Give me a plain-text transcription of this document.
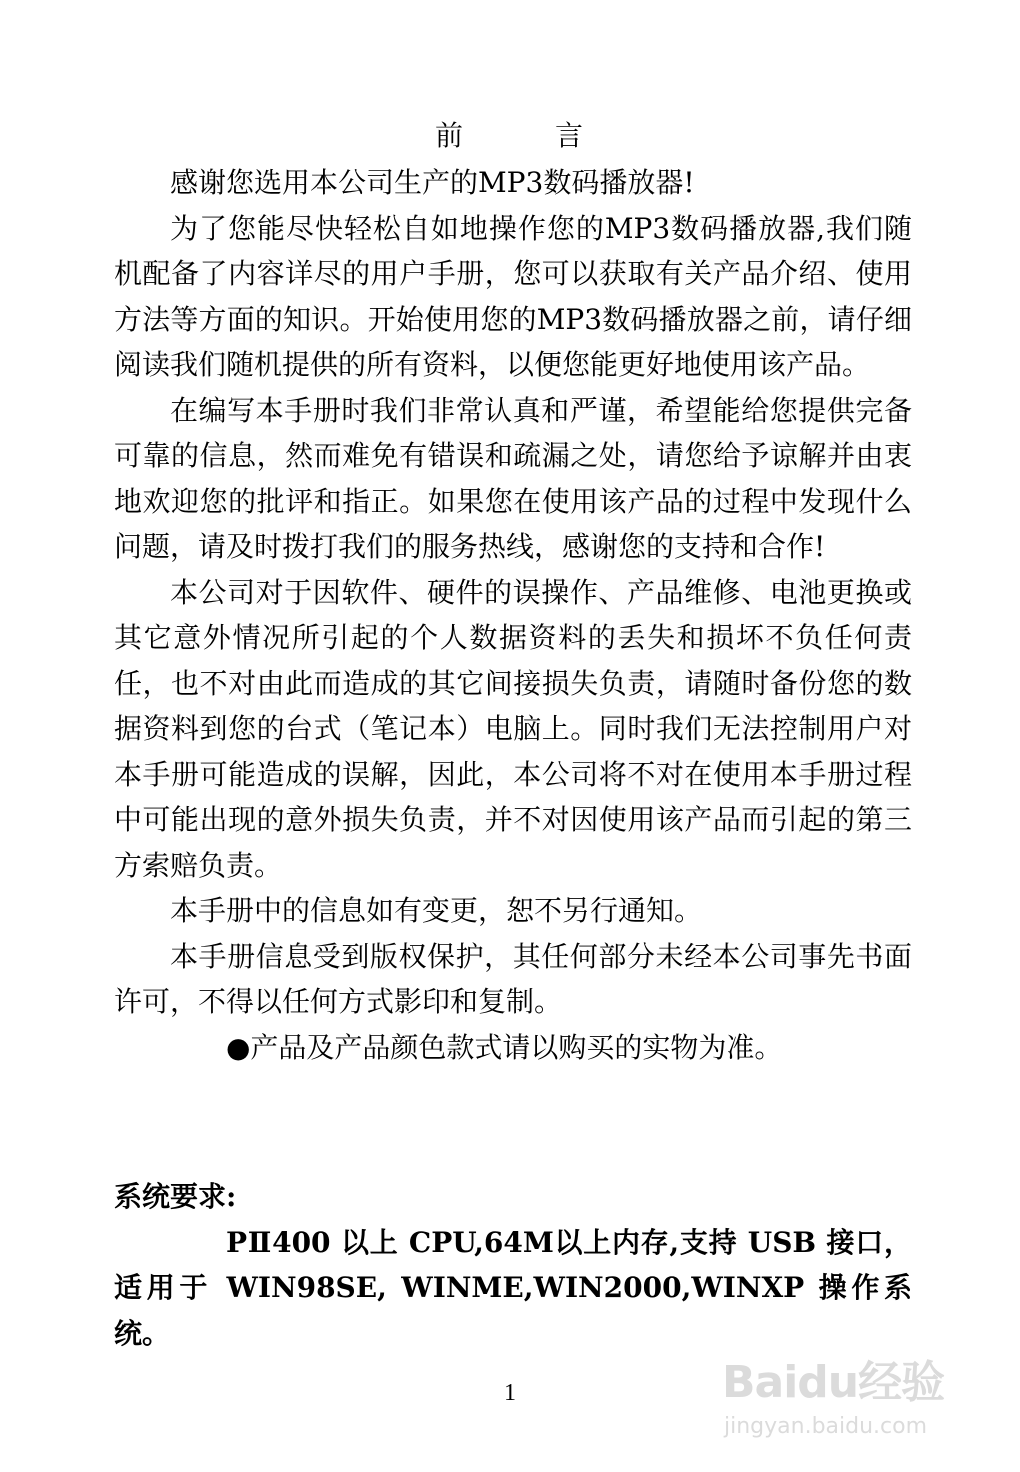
前	言

感谢您选用本公司生产的MP3数码播放器!

为了您能尽快轻松自如地操作您的MP3数码播放器,我们随机配备了内容详尽的用户手册，您可以获取有关产品介绍、使用方法等方面的知识。开始使用您的MP3数码播放器之前，请仔细阅读我们随机提供的所有资料，以便您能更好地使用该产品。

在编写本手册时我们非常认真和严谨，希望能给您提供完备可靠的信息，然而难免有错误和疏漏之处，请您给予谅解并由衷地欢迎您的批评和指正。如果您在使用该产品的过程中发现什么问题，请及时拨打我们的服务热线，感谢您的支持和合作!

本公司对于因软件、硬件的误操作、产品维修、电池更换或其它意外情况所引起的个人数据资料的丢失和损坏不负任何责任，也不对由此而造成的其它间接损失负责，请随时备份您的数据资料到您的台式（笔记本）电脑上。同时我们无法控制用户对本手册可能造成的误解，因此，本公司将不对在使用本手册过程中可能出现的意外损失负责，并不对因使用该产品而引起的第三方索赔负责。

本手册中的信息如有变更，恕不另行通知。

本手册信息受到版权保护，其任何部分未经本公司事先书面许可，不得以任何方式影印和复制。

●产品及产品颜色款式请以购买的实物为准。

系统要求:

PⅡ400 以上 CPU,64M以上内存,支持 USB 接口，适用于 WIN98SE, WINME,WIN2000,WINXP 操作系统。

1	Baidu经验
jingyan.baidu.com
